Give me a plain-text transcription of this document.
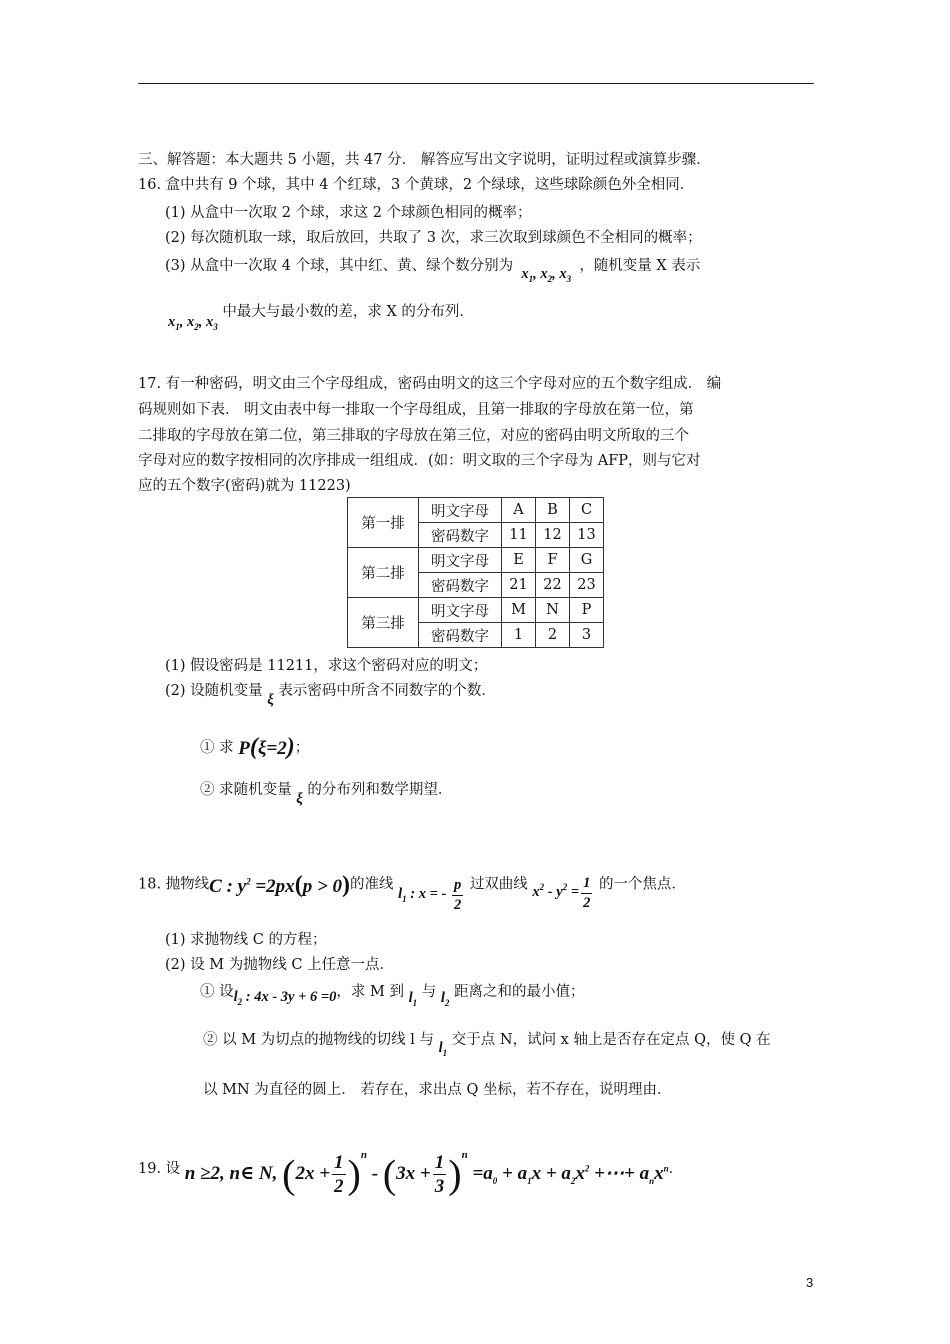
三、解答题：本大题共 5 小题，共 47 分． 解答应写出文字说明，证明过程或演算步骤．
16. 盒中共有 9 个球，其中 4 个红球，3 个黄球，2 个绿球，这些球除颜色外全相同．
(1) 从盒中一次取 2 个球，求这 2 个球颜色相同的概率；
(2) 每次随机取一球，取后放回，共取了 3 次，求三次取到球颜色不全相同的概率；
(3) 从盒中一次取 4 个球，其中红、黄、绿个数分别为  $x_1$, $x_2$, $x_3$  ，随机变量 X 表示
$x_1$, $x_2$, $x_3$ 中最大与最小数的差，求 X 的分布列．
17. 有一种密码，明文由三个字母组成，密码由明文的这三个字母对应的五个数字组成． 编
码规则如下表． 明文由表中每一排取一个字母组成，且第一排取的字母放在第一位，第
二排取的字母放在第二位，第三排取的字母放在第三位，对应的密码由明文所取的三个
字母对应的数字按相同的次序排成一组组成．(如：明文取的三个字母为 AFP，则与它对
应的五个数字(密码)就为 11223)
第一排	明文字母	A	B	C
	密码数字	11	12	13
第二排	明文字母	E	F	G
	密码数字	21	22	23
第三排	明文字母	M	N	P
	密码数字	1	2	3
(1) 假设密码是 11211，求这个密码对应的明文；
(2) 设随机变量 ξ 表示密码中所含不同数字的个数．
① 求 P(ξ=2)；
② 求随机变量 ξ 的分布列和数学期望．
18. 抛物线C : $y^2 =2px(p > 0)$的准线 $l_1$ : x = - $\frac{p}{2}$ 过双曲线 $x^2 - y^2 = \frac{1}{2}$ 的一个焦点．
(1) 求抛物线 C 的方程；
(2) 设 M 为抛物线 C 上任意一点．
① 设$l_2$ : 4x - 3y + 6 =0，求 M 到 $l_1$ 与 $l_2$ 距离之和的最小值；
② 以 M 为切点的抛物线的切线 l 与 $l_1$ 交于点 N，试问 x 轴上是否存在定点 Q，使 Q 在
以 MN 为直径的圆上． 若存在，求出点 Q 坐标，若不存在，说明理由．
19. 设 n ≥2, n∈ N, $(2x + \frac{1}{2} )^n - (3x + \frac{1}{3} )^n =a_0 + a_1x + a_2x^2$ +⋯+ $a_nx^n$．
3
